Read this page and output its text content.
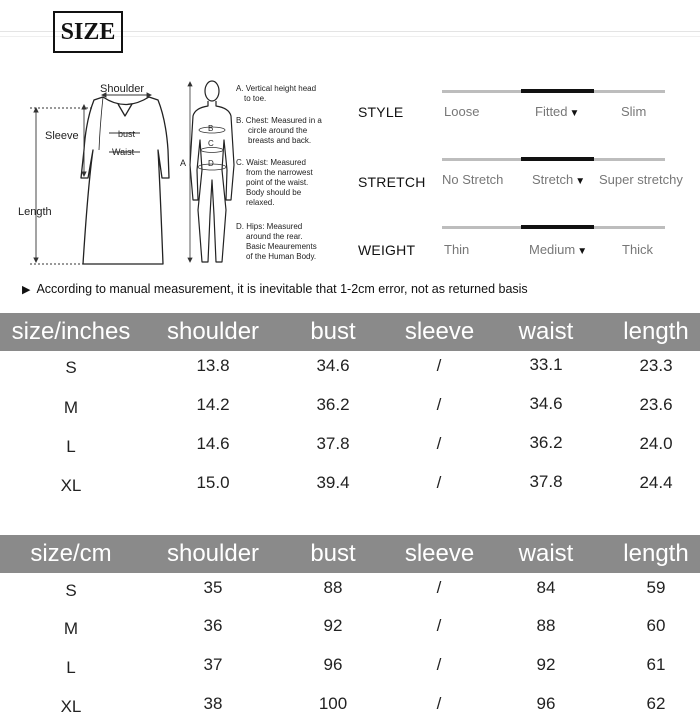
SIZE
Shoulder
Sleeve
Length
bust
Waist
A
B
C
D
A. Vertical height head
to toe.
B. Chest: Measured in a
circle around the
breasts and back.
C. Waist: Measured
from the narrowest
point of the waist.
Body should be
relaxed.
D. Hips: Measured
around the rear.
Basic Meaurements
of the Human Body.
STYLE	Loose	Fitted ▼	Slim
STRETCH No Stretch Stretch ▼ Super stretchy
WEIGHT Thin	Medium ▼	Thick
▶ According to manual measurement, it is inevitable that 1-2cm error, not as returned basis
size/inches	shoulder	bust	sleeve	waist	length
S	13.8	34.6	/	33.1	23.3
M	14.2	36.2	/	34.6	23.6
L	14.6	37.8	/	36.2	24.0
XL	15.0	39.4	/	37.8	24.4
size/cm	shoulder	bust	sleeve	waist	length
S	35	88	/	84	59
M	36	92	/	88	60
L	37	96	/	92	61
XL	38	100	/	96	62
